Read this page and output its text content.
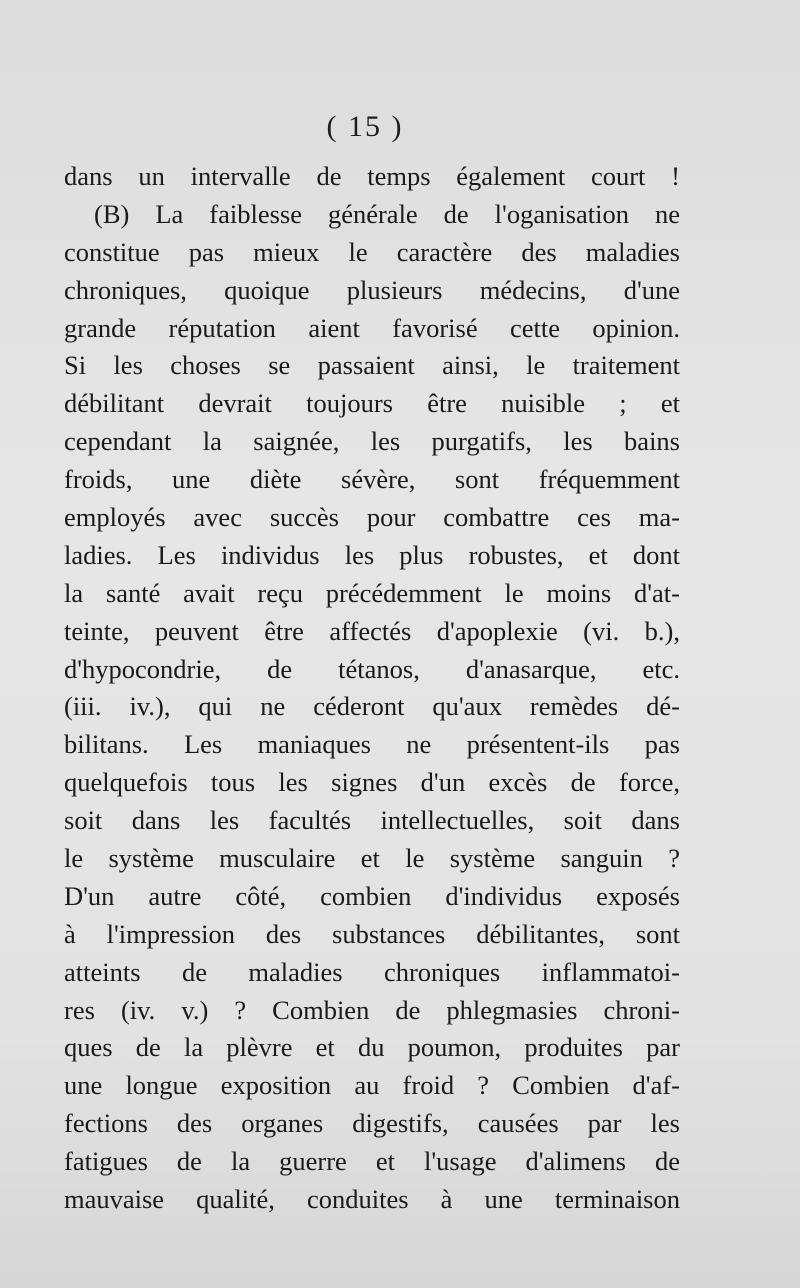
( 15 )
dans un intervalle de temps également court !
(B) La faiblesse générale de l'oganisation ne
constitue pas mieux le caractère des maladies
chroniques, quoique plusieurs médecins, d'une
grande réputation aient favorisé cette opinion.
Si les choses se passaient ainsi, le traitement
débilitant devrait toujours être nuisible ; et
cependant la saignée, les purgatifs, les bains
froids, une diète sévère, sont fréquemment
employés avec succès pour combattre ces ma-
ladies. Les individus les plus robustes, et dont
la santé avait reçu précédemment le moins d'at-
teinte, peuvent être affectés d'apoplexie (vi. b.),
d'hypocondrie, de tétanos, d'anasarque, etc.
(iii. iv.), qui ne céderont qu'aux remèdes dé-
bilitans. Les maniaques ne présentent-ils pas
quelquefois tous les signes d'un excès de force,
soit dans les facultés intellectuelles, soit dans
le système musculaire et le système sanguin ?
D'un autre côté, combien d'individus exposés
à l'impression des substances débilitantes, sont
atteints de maladies chroniques inflammatoi-
res (iv. v.) ? Combien de phlegmasies chroni-
ques de la plèvre et du poumon, produites par
une longue exposition au froid ? Combien d'af-
fections des organes digestifs, causées par les
fatigues de la guerre et l'usage d'alimens de
mauvaise qualité, conduites à une terminaison
